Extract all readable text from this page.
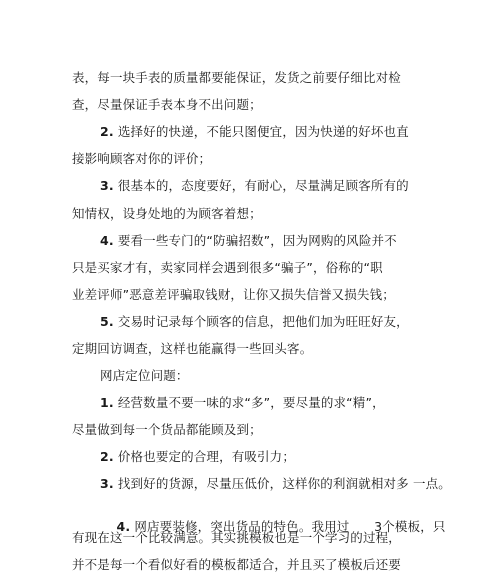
表，每一块手表的质量都要能保证，发货之前要仔细比对检
查，尽量保证手表本身不出问题；
2. 选择好的快递，不能只图便宜，因为快递的好坏也直
接影响顾客对你的评价；
3. 很基本的，态度要好，有耐心，尽量满足顾客所有的
知情权，设身处地的为顾客着想；
4. 要看一些专门的“防骗招数”，因为网购的风险并不
只是买家才有，卖家同样会遇到很多“骗子”，俗称的“职
业差评师”恶意差评骗取钱财，让你又损失信誉又损失钱；
5. 交易时记录每个顾客的信息，把他们加为旺旺好友，
定期回访调查，这样也能赢得一些回头客。
网店定位问题：
1. 经营数量不要一味的求“多”，要尽量的求“精”，
尽量做到每一个货品都能顾及到；
2. 价格也要定的合理，有吸引力；
3. 找到好的货源，尽量压低价，这样你的利润就相对多 一点。

4. 网店要装修，突出货品的特色。我用过      3个模板，只

有现在这一个比较满意。其实挑模板也是一个学习的过程，
并不是每一个看似好看的模板都适合，并且买了模板后还要
